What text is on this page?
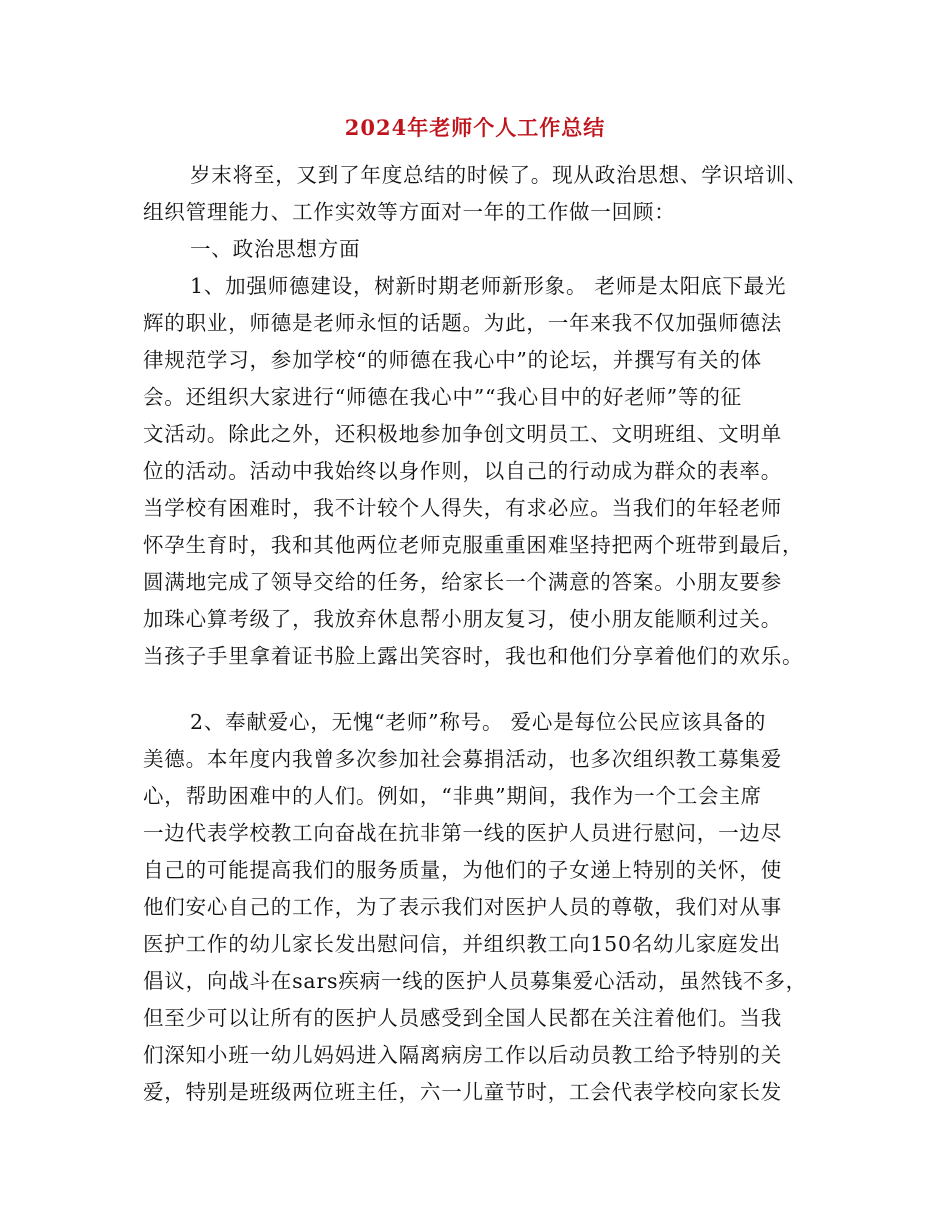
2024年老师个人工作总结
岁末将至，又到了年度总结的时候了。现从政治思想、学识培训、
组织管理能力、工作实效等方面对一年的工作做一回顾：
一、政治思想方面
1、加强师德建设，树新时期老师新形象。 老师是太阳底下最光
辉的职业，师德是老师永恒的话题。为此，一年来我不仅加强师德法
律规范学习，参加学校“的师德在我心中”的论坛，并撰写有关的体
会。还组织大家进行“师德在我心中”“我心目中的好老师”等的征
文活动。除此之外，还积极地参加争创文明员工、文明班组、文明单
位的活动。活动中我始终以身作则，以自己的行动成为群众的表率。
当学校有困难时，我不计较个人得失，有求必应。当我们的年轻老师
怀孕生育时，我和其他两位老师克服重重困难坚持把两个班带到最后，
圆满地完成了领导交给的任务，给家长一个满意的答案。小朋友要参
加珠心算考级了，我放弃休息帮小朋友复习，使小朋友能顺利过关。
当孩子手里拿着证书脸上露出笑容时，我也和他们分享着他们的欢乐。
2、奉献爱心，无愧“老师”称号。 爱心是每位公民应该具备的
美德。本年度内我曾多次参加社会募捐活动，也多次组织教工募集爱
心，帮助困难中的人们。例如，“非典”期间，我作为一个工会主席
一边代表学校教工向奋战在抗非第一线的医护人员进行慰问，一边尽
自己的可能提高我们的服务质量，为他们的子女递上特别的关怀，使
他们安心自己的工作，为了表示我们对医护人员的尊敬，我们对从事
医护工作的幼儿家长发出慰问信，并组织教工向150名幼儿家庭发出
倡议，向战斗在sars疾病一线的医护人员募集爱心活动，虽然钱不多，
但至少可以让所有的医护人员感受到全国人民都在关注着他们。当我
们深知小班一幼儿妈妈进入隔离病房工作以后动员教工给予特别的关
爱，特别是班级两位班主任，六一儿童节时，工会代表学校向家长发
